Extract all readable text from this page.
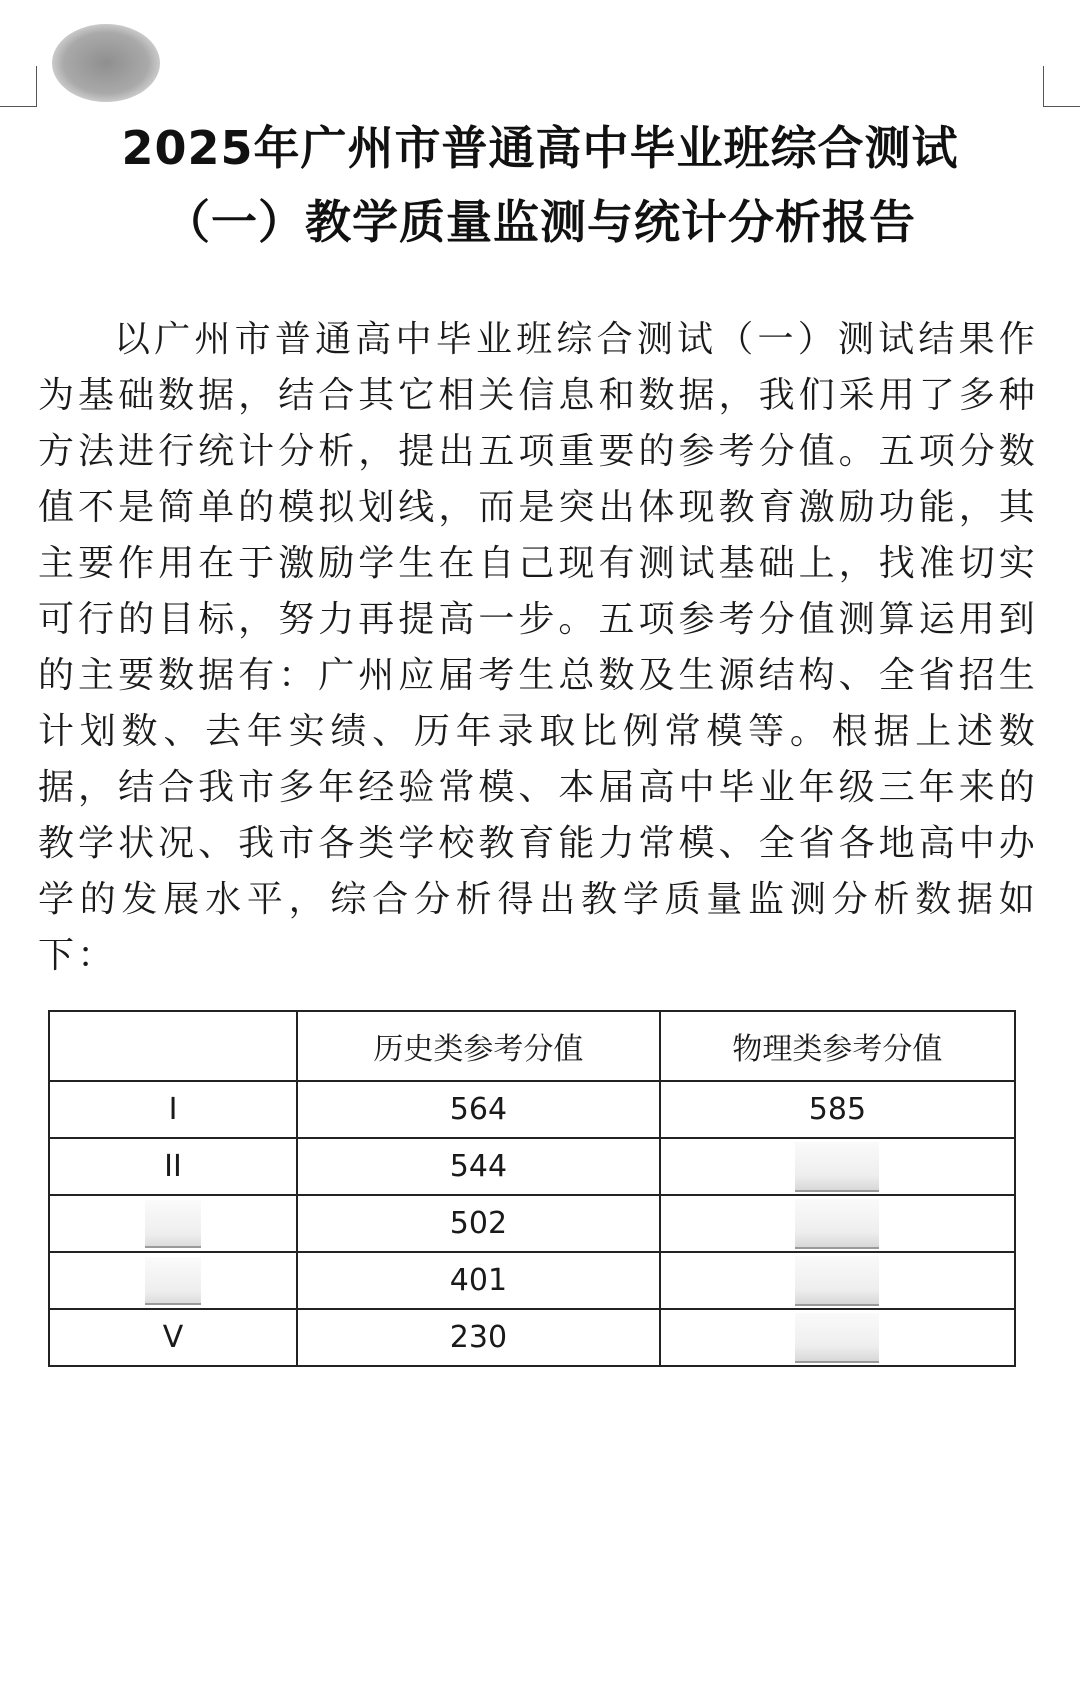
2025年广州市普通高中毕业班综合测试
（一）教学质量监测与统计分析报告

以广州市普通高中毕业班综合测试（一）测试结果作为基础数据，结合其它相关信息和数据，我们采用了多种方法进行统计分析，提出五项重要的参考分值。五项分数值不是简单的模拟划线，而是突出体现教育激励功能，其主要作用在于激励学生在自己现有测试基础上，找准切实可行的目标，努力再提高一步。五项参考分值测算运用到的主要数据有：广州应届考生总数及生源结构、全省招生计划数、去年实绩、历年录取比例常模等。根据上述数据，结合我市多年经验常模、本届高中毕业年级三年来的教学状况、我市各类学校教育能力常模、全省各地高中办学的发展水平，综合分析得出教学质量监测分析数据如下：

	历史类参考分值	物理类参考分值
I	564	585
II	544	
	502	
	401	
V	230	
